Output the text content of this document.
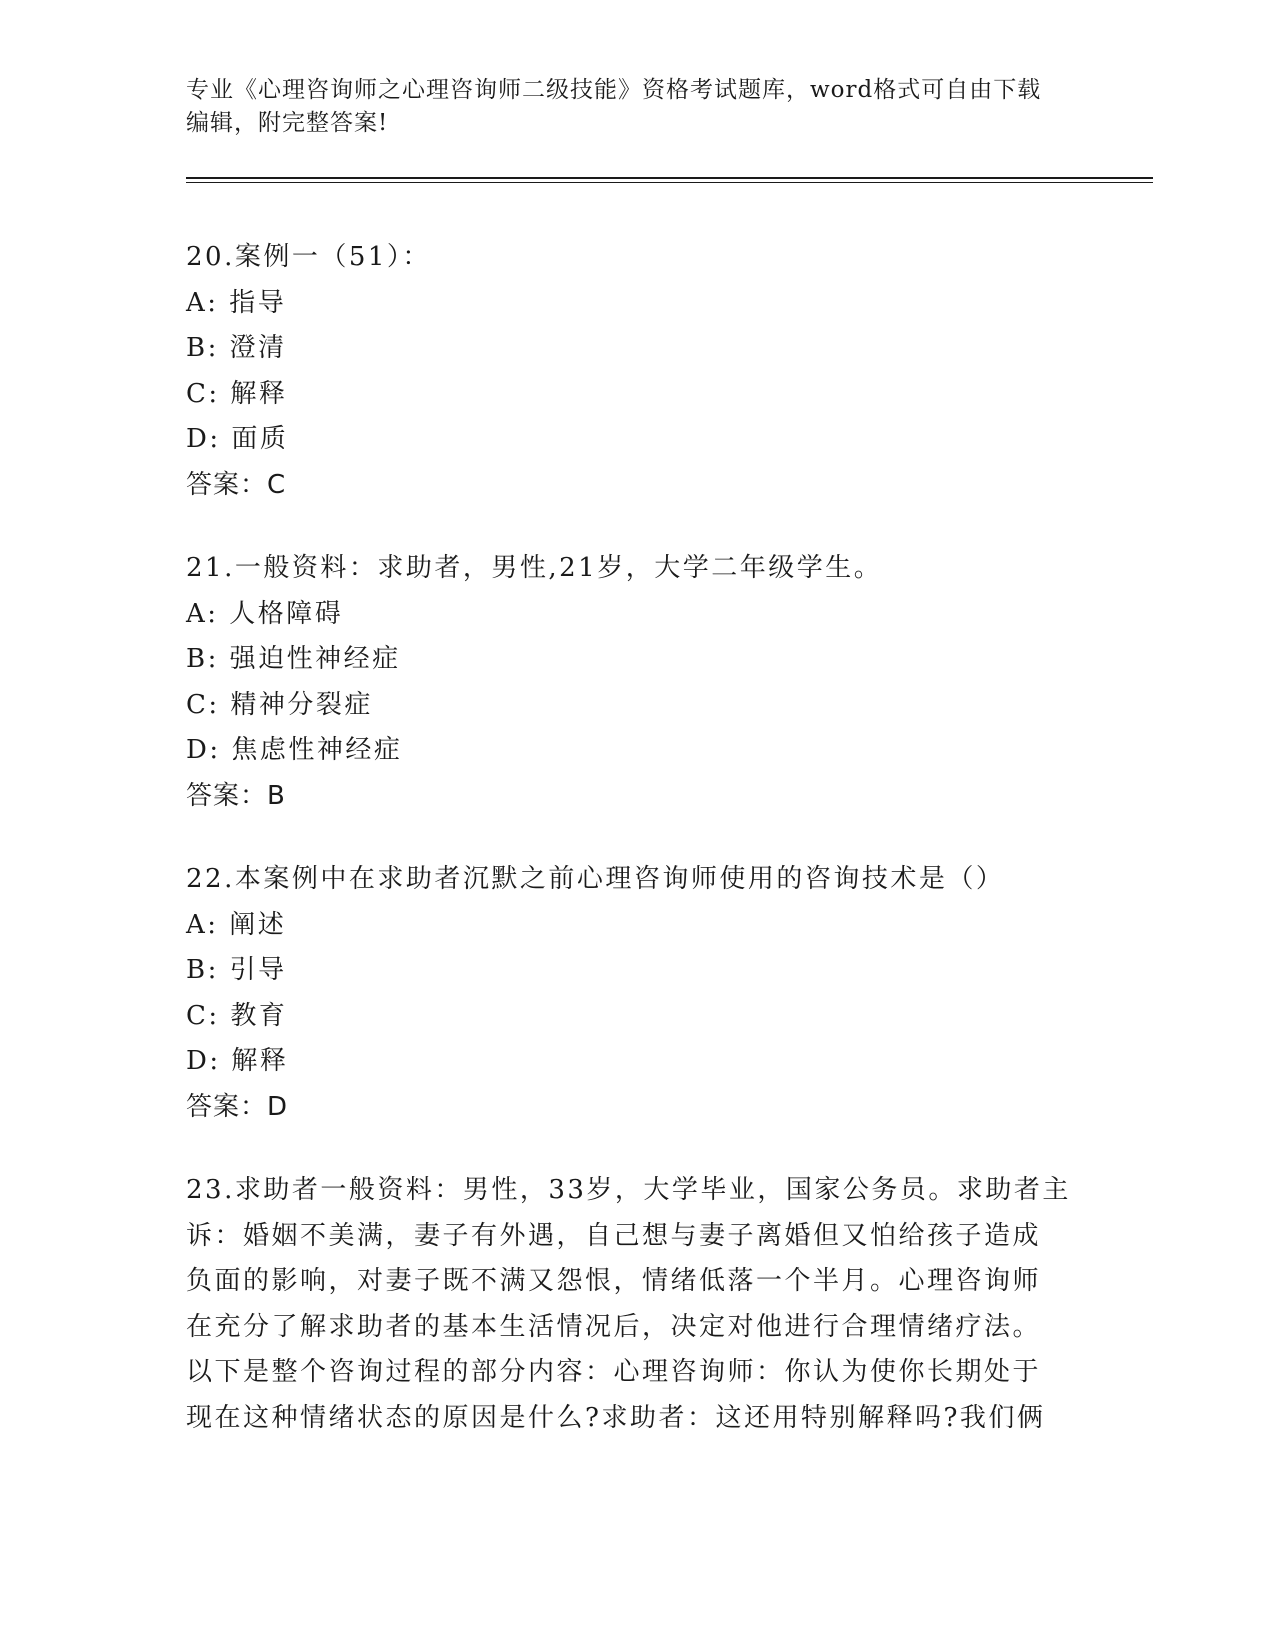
专业《心理咨询师之心理咨询师二级技能》资格考试题库，word格式可自由下载
编辑，附完整答案!
20.案例一（51）：
A: 指导
B: 澄清
C: 解释
D: 面质
答案：C
21.一般资料：求助者，男性,21岁，大学二年级学生。
A: 人格障碍
B: 强迫性神经症
C: 精神分裂症
D: 焦虑性神经症
答案：B
22.本案例中在求助者沉默之前心理咨询师使用的咨询技术是（）
A: 阐述
B: 引导
C: 教育
D: 解释
答案：D
23.求助者一般资料：男性，33岁，大学毕业，国家公务员。求助者主
诉：婚姻不美满，妻子有外遇，自己想与妻子离婚但又怕给孩子造成
负面的影响，对妻子既不满又怨恨，情绪低落一个半月。心理咨询师
在充分了解求助者的基本生活情况后，决定对他进行合理情绪疗法。
以下是整个咨询过程的部分内容：心理咨询师：你认为使你长期处于
现在这种情绪状态的原因是什么?求助者：这还用特别解释吗?我们俩
